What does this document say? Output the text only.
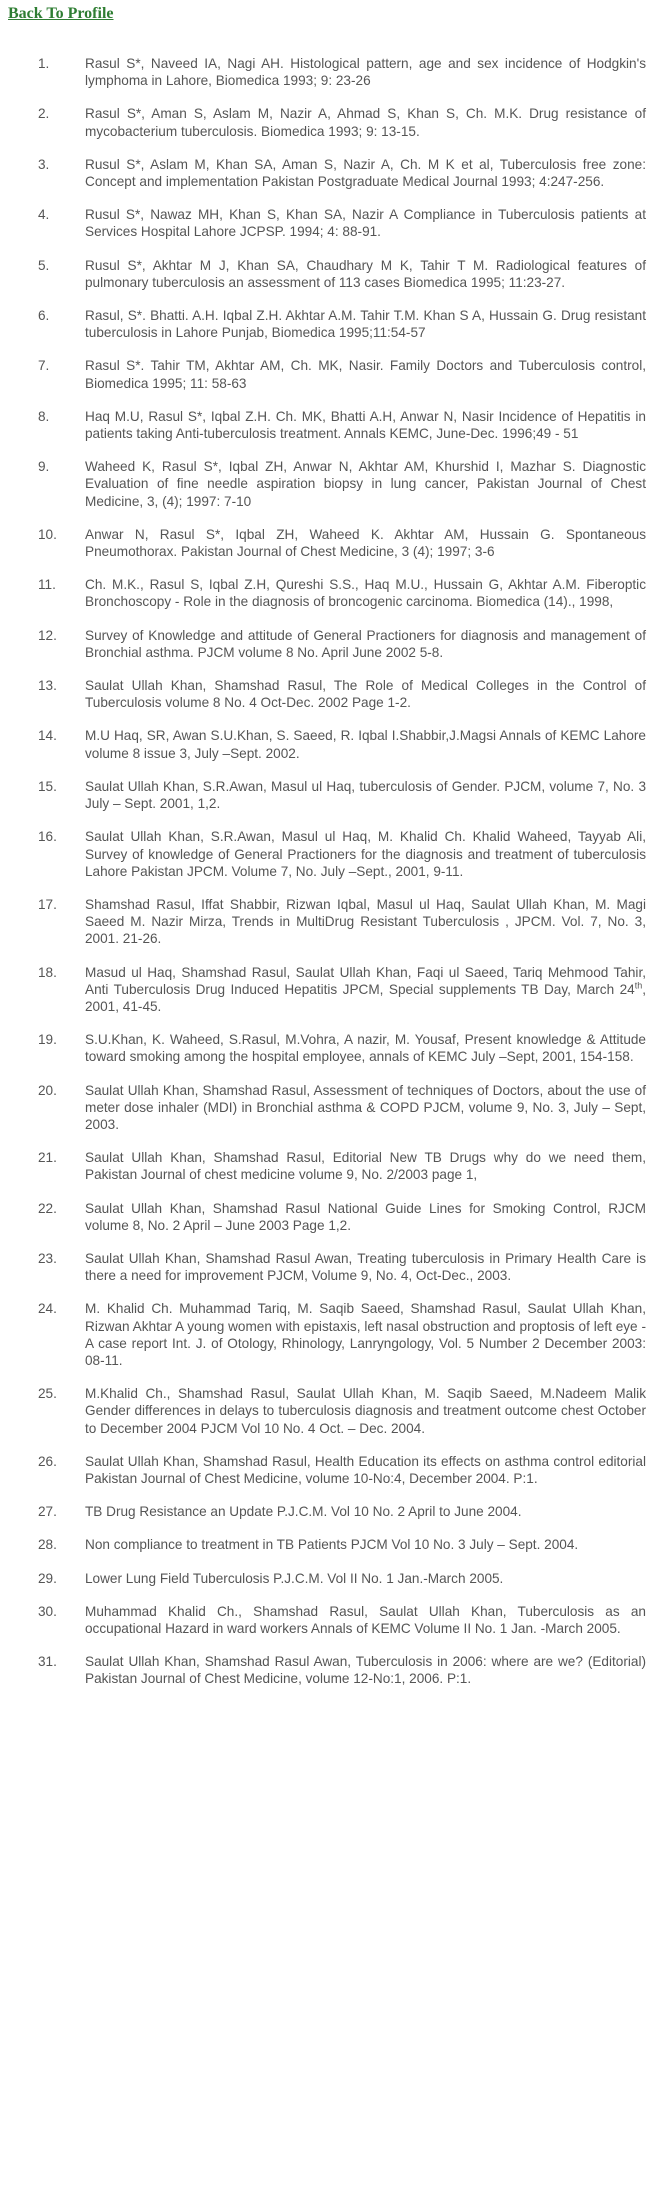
Back To Profile
1.	Rasul S*, Naveed IA, Nagi AH. Histological pattern, age and sex incidence of Hodgkin's lymphoma in Lahore, Biomedica 1993; 9: 23-26
2.	Rasul S*, Aman S, Aslam M, Nazir A, Ahmad S, Khan S, Ch. M.K. Drug resistance of mycobacterium tuberculosis. Biomedica 1993; 9: 13-15.
3.	Rusul S*, Aslam M, Khan SA, Aman S, Nazir A, Ch. M K et al, Tuberculosis free zone: Concept and implementation Pakistan Postgraduate Medical Journal 1993; 4:247-256.
4.	Rusul S*, Nawaz MH, Khan S, Khan SA, Nazir A Compliance in Tuberculosis patients at Services Hospital Lahore JCPSP. 1994; 4: 88-91.
5.	Rusul S*, Akhtar M J, Khan SA, Chaudhary M K, Tahir T M. Radiological features of pulmonary tuberculosis an assessment of 113 cases Biomedica 1995; 11:23-27.
6.	Rasul, S*. Bhatti. A.H. Iqbal Z.H. Akhtar A.M. Tahir T.M. Khan S A, Hussain G. Drug resistant tuberculosis in Lahore Punjab, Biomedica 1995;11:54-57
7.	Rasul S*. Tahir TM, Akhtar AM, Ch. MK, Nasir. Family Doctors and Tuberculosis control, Biomedica 1995; 11: 58-63
8.	Haq M.U, Rasul S*, Iqbal Z.H. Ch. MK, Bhatti A.H, Anwar N, Nasir Incidence of Hepatitis in patients taking Anti-tuberculosis treatment. Annals KEMC, June-Dec. 1996;49 - 51
9.	Waheed K, Rasul S*, Iqbal ZH, Anwar N, Akhtar AM, Khurshid I, Mazhar S. Diagnostic Evaluation of fine needle aspiration biopsy in lung cancer, Pakistan Journal of Chest Medicine, 3, (4); 1997: 7-10
10. Anwar N, Rasul S*, Iqbal ZH, Waheed K. Akhtar AM, Hussain G. Spontaneous Pneumothorax. Pakistan Journal of Chest Medicine, 3 (4); 1997; 3-6
11. Ch. M.K., Rasul S, Iqbal Z.H, Qureshi S.S., Haq M.U., Hussain G, Akhtar A.M. Fiberoptic Bronchoscopy - Role in the diagnosis of broncogenic carcinoma. Biomedica (14)., 1998,
12. Survey of Knowledge and attitude of General Practioners for diagnosis and management of Bronchial asthma. PJCM volume 8 No. April June 2002 5-8.
13. Saulat Ullah Khan, Shamshad Rasul, The Role of Medical Colleges in the Control of Tuberculosis volume 8 No. 4 Oct-Dec. 2002 Page 1-2.
14. M.U Haq, SR, Awan S.U.Khan, S. Saeed, R. Iqbal I.Shabbir,J.Magsi Annals of KEMC Lahore volume 8 issue 3, July –Sept. 2002.
15. Saulat Ullah Khan, S.R.Awan, Masul ul Haq, tuberculosis of Gender. PJCM, volume 7, No. 3 July – Sept. 2001, 1,2.
16. Saulat Ullah Khan, S.R.Awan, Masul ul Haq, M. Khalid Ch. Khalid Waheed, Tayyab Ali, Survey of knowledge of General Practioners for the diagnosis and treatment of tuberculosis Lahore Pakistan JPCM. Volume 7, No. July –Sept., 2001, 9-11.
17. Shamshad Rasul, Iffat Shabbir, Rizwan Iqbal, Masul ul Haq, Saulat Ullah Khan, M. Magi Saeed M. Nazir Mirza, Trends in MultiDrug Resistant Tuberculosis , JPCM. Vol. 7, No. 3, 2001. 21-26.
18. Masud ul Haq, Shamshad Rasul, Saulat Ullah Khan, Faqi ul Saeed, Tariq Mehmood Tahir, Anti Tuberculosis Drug Induced Hepatitis JPCM, Special supplements TB Day, March 24th, 2001, 41-45.
19. S.U.Khan, K. Waheed, S.Rasul, M.Vohra, A nazir, M. Yousaf, Present knowledge & Attitude toward smoking among the hospital employee, annals of KEMC July –Sept, 2001, 154-158.
20. Saulat Ullah Khan, Shamshad Rasul, Assessment of techniques of Doctors, about the use of meter dose inhaler (MDI) in Bronchial asthma & COPD PJCM, volume 9, No. 3, July – Sept, 2003.
21. Saulat Ullah Khan, Shamshad Rasul, Editorial New TB Drugs why do we need them, Pakistan Journal of chest medicine volume 9, No. 2/2003 page 1,
22. Saulat Ullah Khan, Shamshad Rasul National Guide Lines for Smoking Control, RJCM volume 8, No. 2 April – June 2003 Page 1,2.
23. Saulat Ullah Khan, Shamshad Rasul Awan, Treating tuberculosis in Primary Health Care is there a need for improvement PJCM, Volume 9, No. 4, Oct-Dec., 2003.
24. M. Khalid Ch. Muhammad Tariq, M. Saqib Saeed, Shamshad Rasul, Saulat Ullah Khan, Rizwan Akhtar A young women with epistaxis, left nasal obstruction and proptosis of left eye - A case report Int. J. of Otology, Rhinology, Lanryngology, Vol. 5 Number 2 December 2003: 08-11.
25. M.Khalid Ch., Shamshad Rasul, Saulat Ullah Khan, M. Saqib Saeed, M.Nadeem Malik Gender differences in delays to tuberculosis diagnosis and treatment outcome chest October to December 2004 PJCM Vol 10 No. 4 Oct. – Dec. 2004.
26. Saulat Ullah Khan, Shamshad Rasul, Health Education its effects on asthma control editorial Pakistan Journal of Chest Medicine, volume 10-No:4, December 2004. P:1.
27. TB Drug Resistance an Update P.J.C.M. Vol 10 No. 2 April to June 2004.
28. Non compliance to treatment in TB Patients PJCM Vol 10 No. 3 July – Sept. 2004.
29. Lower Lung Field Tuberculosis P.J.C.M. Vol II No. 1 Jan.-March 2005.
30. Muhammad Khalid Ch., Shamshad Rasul, Saulat Ullah Khan, Tuberculosis as an occupational Hazard in ward workers Annals of KEMC Volume II No. 1 Jan. -March 2005.
31. Saulat Ullah Khan, Shamshad Rasul Awan, Tuberculosis in 2006: where are we? (Editorial) Pakistan Journal of Chest Medicine, volume 12-No:1, 2006. P:1.
